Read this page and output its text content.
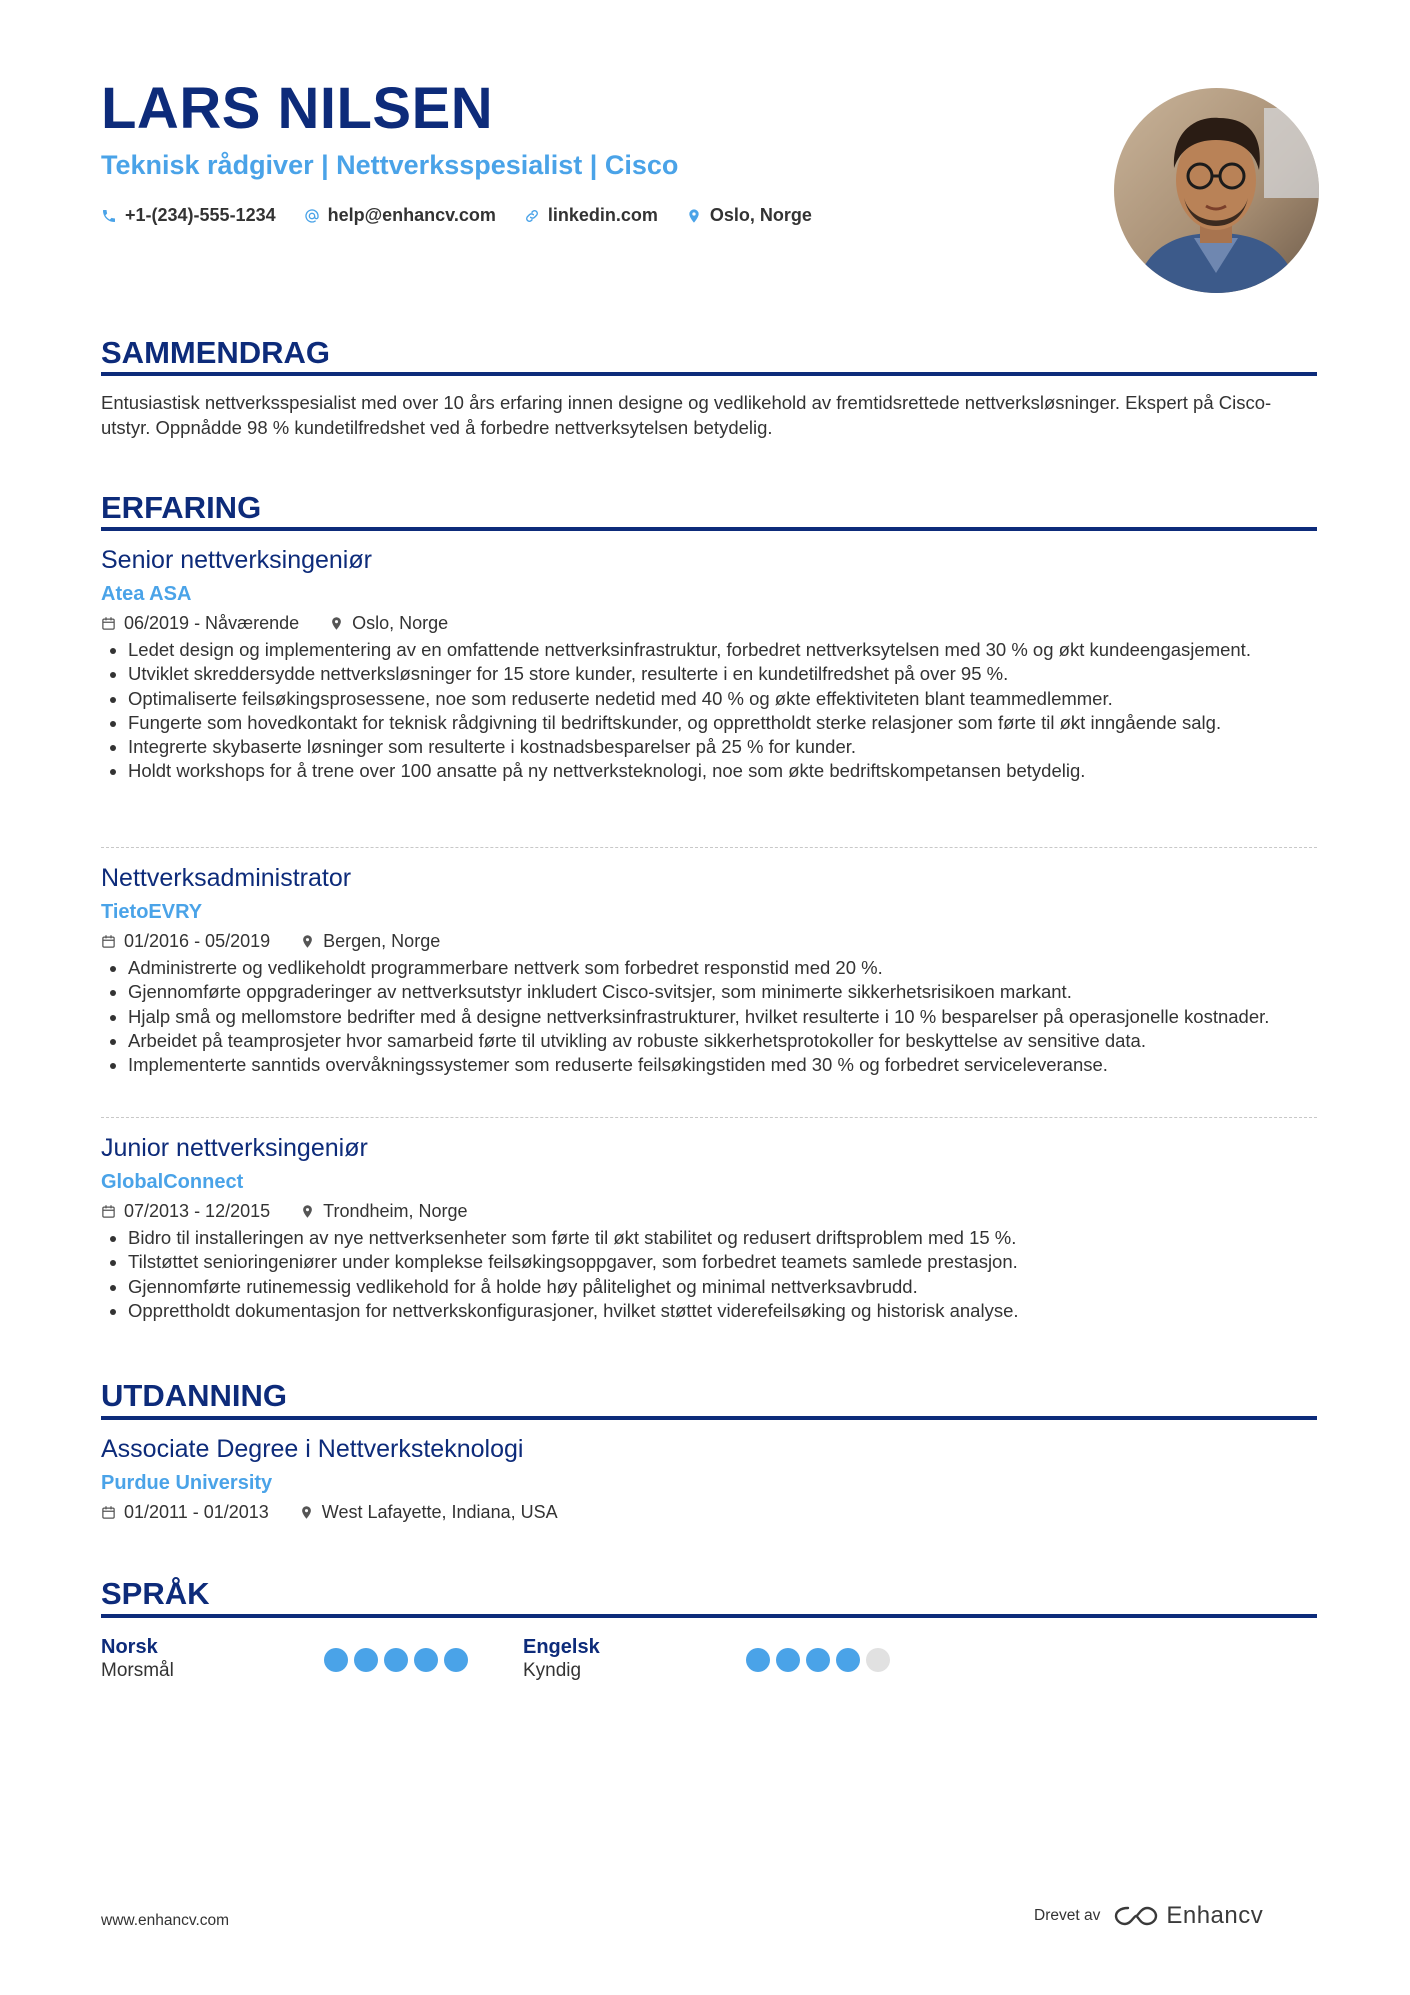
LARS NILSEN
Teknisk rådgiver | Nettverksspesialist | Cisco
+1-(234)-555-1234	help@enhancv.com	linkedin.com	Oslo, Norge
SAMMENDRAG

Entusiastisk nettverksspesialist med over 10 års erfaring innen designe og vedlikehold av fremtidsrettede nettverksløsninger. Ekspert på Cisco-utstyr. Oppnådde 98 % kundetilfredshet ved å forbedre nettverksytelsen betydelig.

ERFARING
Senior nettverksingeniør
Atea ASA
06/2019 - Nåværende	Oslo, Norge
• Ledet design og implementering av en omfattende nettverksinfrastruktur, forbedret nettverksytelsen med 30 % og økt kundeengasjement.
• Utviklet skreddersydde nettverksløsninger for 15 store kunder, resulterte i en kundetilfredshet på over 95 %.
• Optimaliserte feilsøkingsprosessene, noe som reduserte nedetid med 40 % og økte effektiviteten blant teammedlemmer.
• Fungerte som hovedkontakt for teknisk rådgivning til bedriftskunder, og opprettholdt sterke relasjoner som førte til økt inngående salg.
• Integrerte skybaserte løsninger som resulterte i kostnadsbesparelser på 25 % for kunder.
• Holdt workshops for å trene over 100 ansatte på ny nettverksteknologi, noe som økte bedriftskompetansen betydelig.
Nettverksadministrator
TietoEVRY
01/2016 - 05/2019	Bergen, Norge
• Administrerte og vedlikeholdt programmerbare nettverk som forbedret responstid med 20 %.
• Gjennomførte oppgraderinger av nettverksutstyr inkludert Cisco-svitsjer, som minimerte sikkerhetsrisikoen markant.
• Hjalp små og mellomstore bedrifter med å designe nettverksinfrastrukturer, hvilket resulterte i 10 % besparelser på operasjonelle kostnader.
• Arbeidet på teamprosjeter hvor samarbeid førte til utvikling av robuste sikkerhetsprotokoller for beskyttelse av sensitive data.
• Implementerte sanntids overvåkningssystemer som reduserte feilsøkingstiden med 30 % og forbedret serviceleveranse.
Junior nettverksingeniør
GlobalConnect
07/2013 - 12/2015	Trondheim, Norge
• Bidro til installeringen av nye nettverksenheter som førte til økt stabilitet og redusert driftsproblem med 15 %.
• Tilstøttet senioringeniører under komplekse feilsøkingsoppgaver, som forbedret teamets samlede prestasjon.
• Gjennomførte rutinemessig vedlikehold for å holde høy pålitelighet og minimal nettverksavbrudd.
• Opprettholdt dokumentasjon for nettverkskonfigurasjoner, hvilket støttet viderefeilsøking og historisk analyse.
UTDANNING
Associate Degree i Nettverksteknologi
Purdue University
01/2011 - 01/2013	West Lafayette, Indiana, USA
SPRÅK
Norsk
Morsmål
Engelsk
Kyndig
www.enhancv.com	Drevet av	Enhancv
